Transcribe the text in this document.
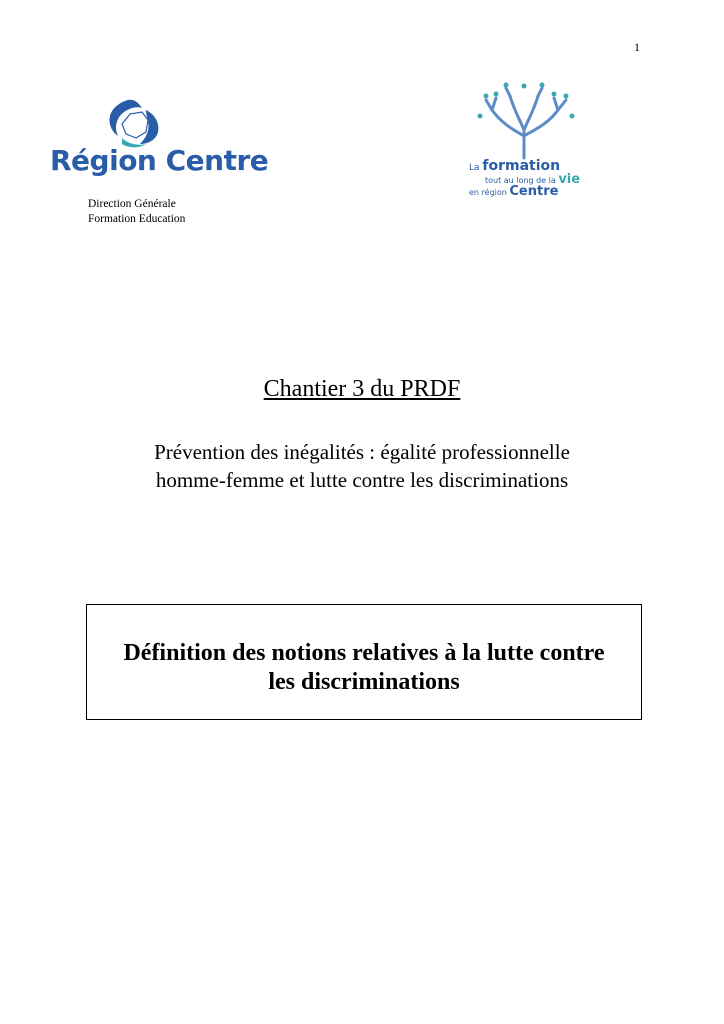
1
Région Centre
Direction Générale
Formation Education
La formation
tout au long de la vie
en région Centre
Chantier 3 du PRDF
Prévention des inégalités : égalité professionnelle
homme-femme et lutte contre les discriminations
Définition des notions relatives à la lutte contre
les discriminations
